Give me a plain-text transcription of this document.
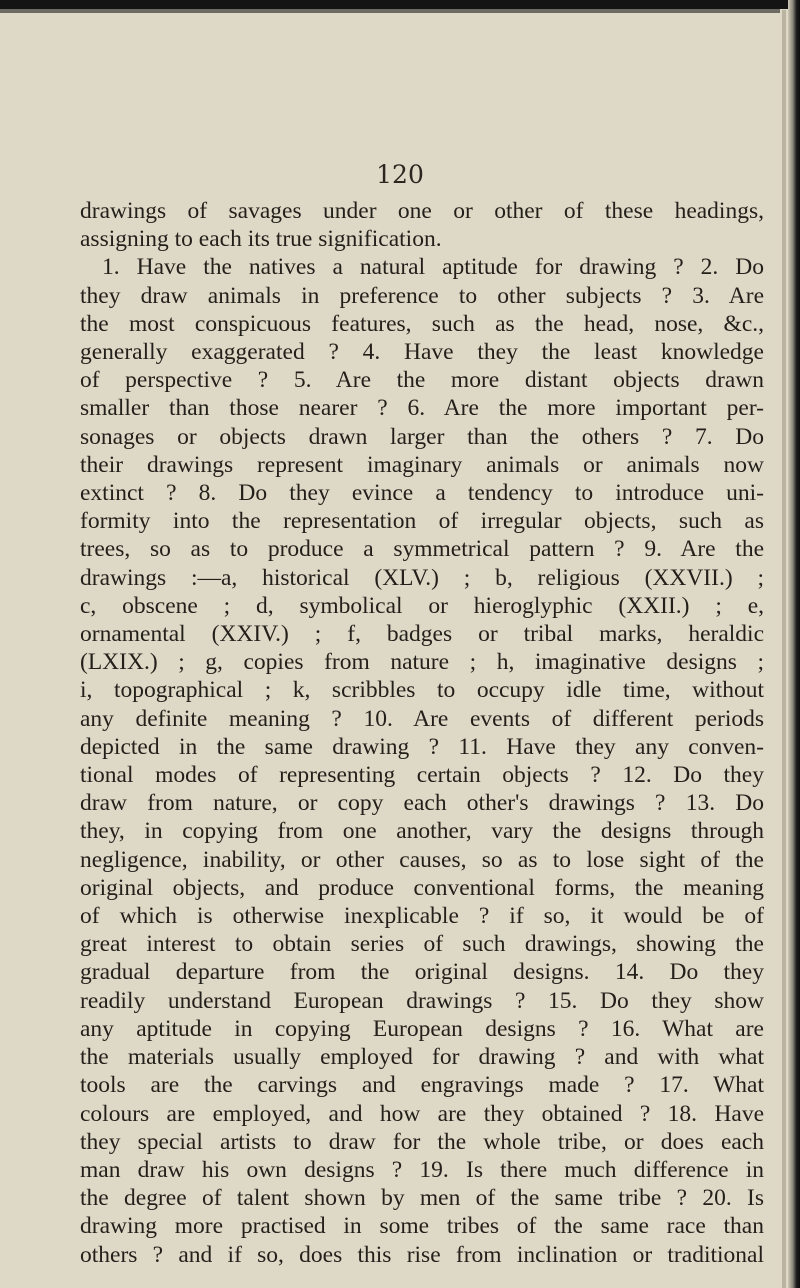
120
drawings of savages under one or other of these headings,
assigning to each its true signification.
1. Have the natives a natural aptitude for drawing ? 2. Do
they draw animals in preference to other subjects ? 3. Are
the most conspicuous features, such as the head, nose, &c.,
generally exaggerated ? 4. Have they the least knowledge
of perspective ? 5. Are the more distant objects drawn
smaller than those nearer ? 6. Are the more important per-
sonages or objects drawn larger than the others ? 7. Do
their drawings represent imaginary animals or animals now
extinct ? 8. Do they evince a tendency to introduce uni-
formity into the representation of irregular objects, such as
trees, so as to produce a symmetrical pattern ? 9. Are the
drawings :—a, historical (XLV.) ; b, religious (XXVII.) ;
c, obscene ; d, symbolical or hieroglyphic (XXII.) ; e,
ornamental (XXIV.) ; f, badges or tribal marks, heraldic
(LXIX.) ; g, copies from nature ; h, imaginative designs ;
i, topographical ; k, scribbles to occupy idle time, without
any definite meaning ? 10. Are events of different periods
depicted in the same drawing ? 11. Have they any conven-
tional modes of representing certain objects ? 12. Do they
draw from nature, or copy each other's drawings ? 13. Do
they, in copying from one another, vary the designs through
negligence, inability, or other causes, so as to lose sight of the
original objects, and produce conventional forms, the meaning
of which is otherwise inexplicable ? if so, it would be of
great interest to obtain series of such drawings, showing the
gradual departure from the original designs. 14. Do they
readily understand European drawings ? 15. Do they show
any aptitude in copying European designs ? 16. What are
the materials usually employed for drawing ? and with what
tools are the carvings and engravings made ? 17. What
colours are employed, and how are they obtained ? 18. Have
they special artists to draw for the whole tribe, or does each
man draw his own designs ? 19. Is there much difference in
the degree of talent shown by men of the same tribe ? 20. Is
drawing more practised in some tribes of the same race than
others ? and if so, does this rise from inclination or traditional
